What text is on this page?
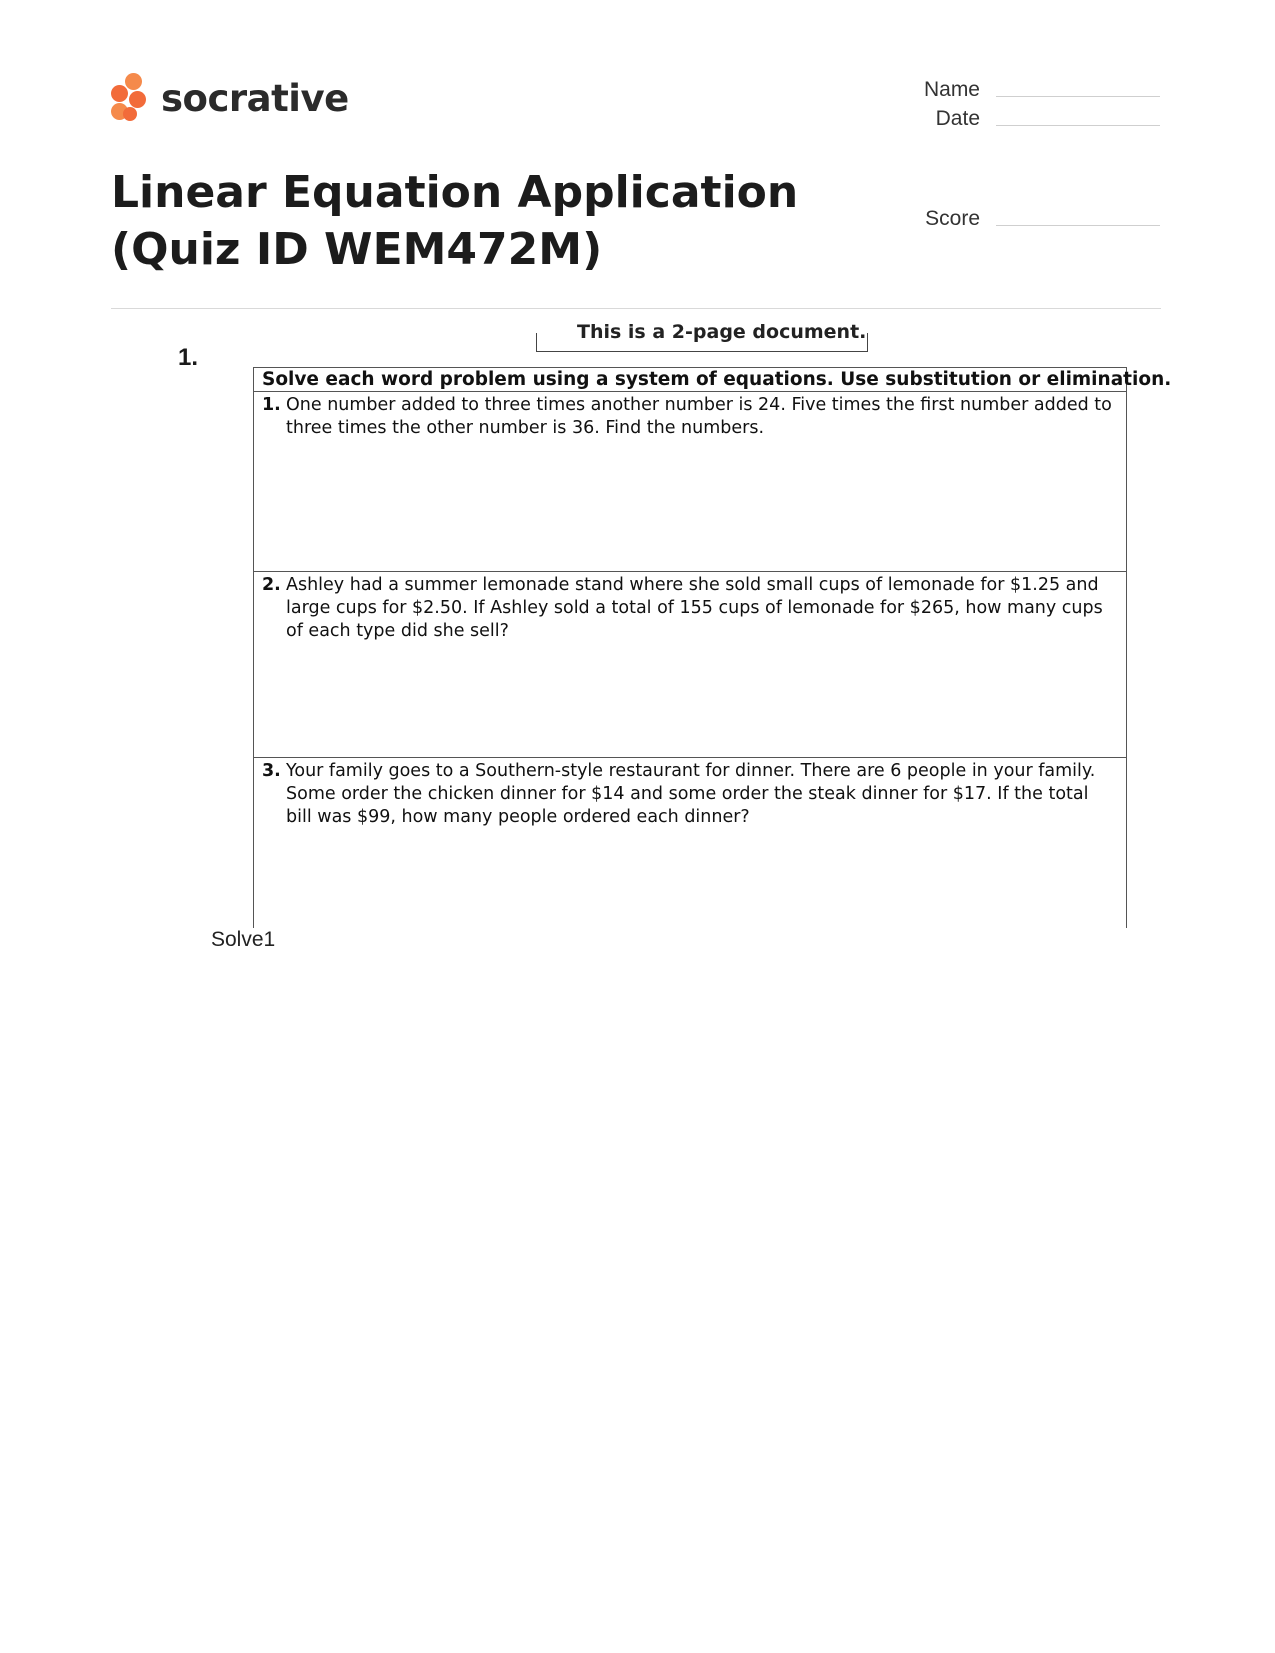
socrative	Name
Date
Score
Linear Equation Application (Quiz ID WEM472M)
1.
This is a 2-page document.
Solve each word problem using a system of equations. Use substitution or elimination.
1. One number added to three times another number is 24. Five times the first number added to three times the other number is 36. Find the numbers.
2. Ashley had a summer lemonade stand where she sold small cups of lemonade for $1.25 and large cups for $2.50. If Ashley sold a total of 155 cups of lemonade for $265, how many cups of each type did she sell?
3. Your family goes to a Southern-style restaurant for dinner. There are 6 people in your family. Some order the chicken dinner for $14 and some order the steak dinner for $17. If the total bill was $99, how many people ordered each dinner?
Solve1
